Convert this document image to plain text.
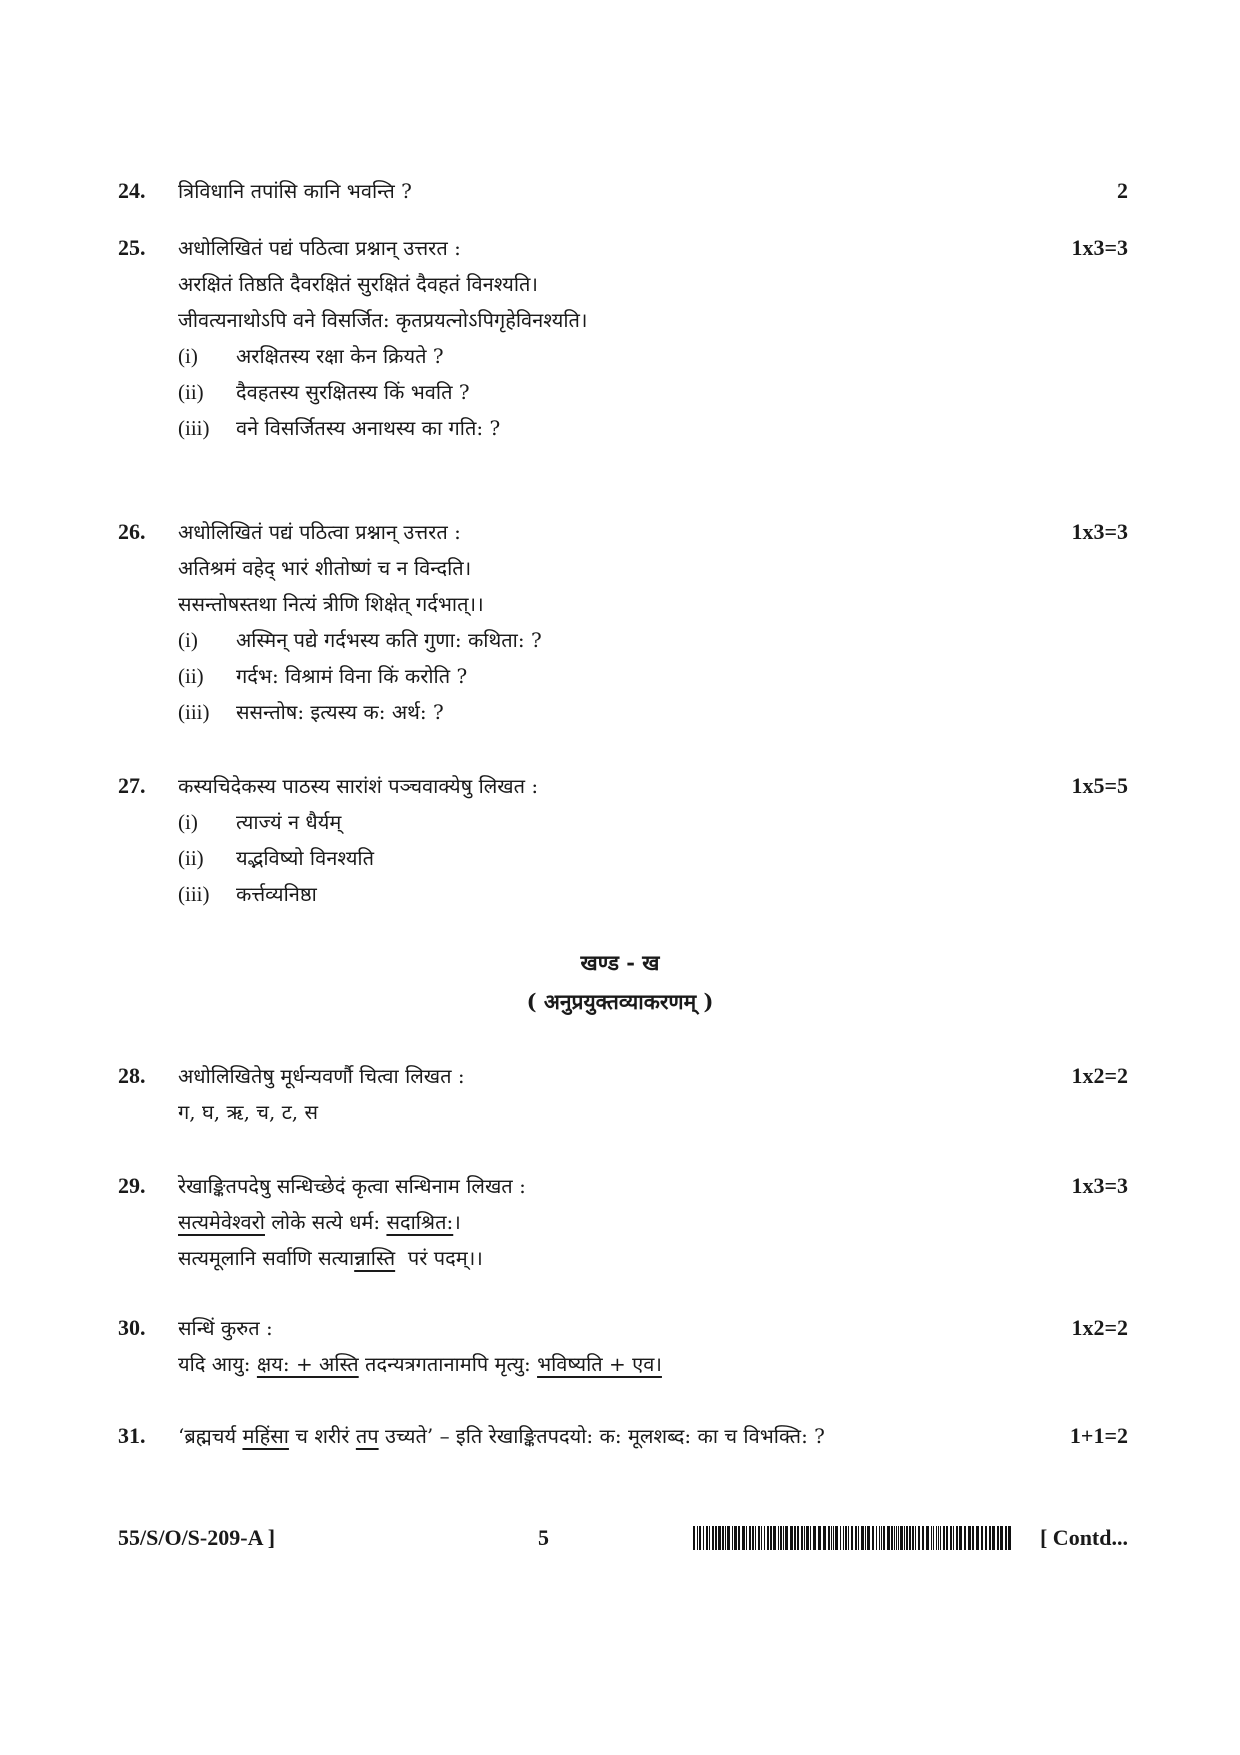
24. त्रिविधानि तपांसि कानि भवन्ति ?	2
25. अधोलिखितं पद्यं पठित्वा प्रश्नान् उत्तरत :	1x3=3
अरक्षितं तिष्ठति दैवरक्षितं सुरक्षितं दैवहतं विनश्यति।
जीवत्यनाथोऽपि वने विसर्जित: कृतप्रयत्नोऽपिगृहेविनश्यति।
(i) अरक्षितस्य रक्षा केन क्रियते ?
(ii) दैवहतस्य सुरक्षितस्य किं भवति ?
(iii) वने विसर्जितस्य अनाथस्य का गति: ?
26. अधोलिखितं पद्यं पठित्वा प्रश्नान् उत्तरत :	1x3=3
अतिश्रमं वहेद् भारं शीतोष्णं च न विन्दति।
ससन्तोषस्तथा नित्यं त्रीणि शिक्षेत् गर्दभात्।।
(i) अस्मिन् पद्ये गर्दभस्य कति गुणा: कथिता: ?
(ii) गर्दभ: विश्रामं विना किं करोति ?
(iii) ससन्तोष: इत्यस्य क: अर्थ: ?
27. कस्यचिदेकस्य पाठस्य सारांशं पञ्चवाक्येषु लिखत :	1x5=5
(i) त्याज्यं न धैर्यम्
(ii) यद्भविष्यो विनश्यति
(iii) कर्त्तव्यनिष्ठा
खण्ड - ख
( अनुप्रयुक्तव्याकरणम् )
28. अधोलिखितेषु मूर्धन्यवर्णौ चित्वा लिखत :	1x2=2
ग, घ, ऋ, च, ट, स
29. रेखाङ्कितपदेषु सन्धिच्छेदं कृत्वा सन्धिनाम लिखत :	1x3=3
सत्यमेवेश्वरो लोके सत्ये धर्म: सदाश्रित:।
सत्यमूलानि सर्वाणि सत्यान्नास्ति  परं पदम्।।
30. सन्धिं कुरुत :	1x2=2
यदि आयु: क्षय: + अस्ति तदन्यत्रगतानामपि मृत्यु: भविष्यति + एव।
31. ‘ब्रह्मचर्य महिंसा च शरीरं तप उच्यते’ – इति रेखाङ्कितपदयो: क: मूलशब्द: का च विभक्ति: ?	1+1=2
55/S/O/S-209-A ]	5	[ Contd...
